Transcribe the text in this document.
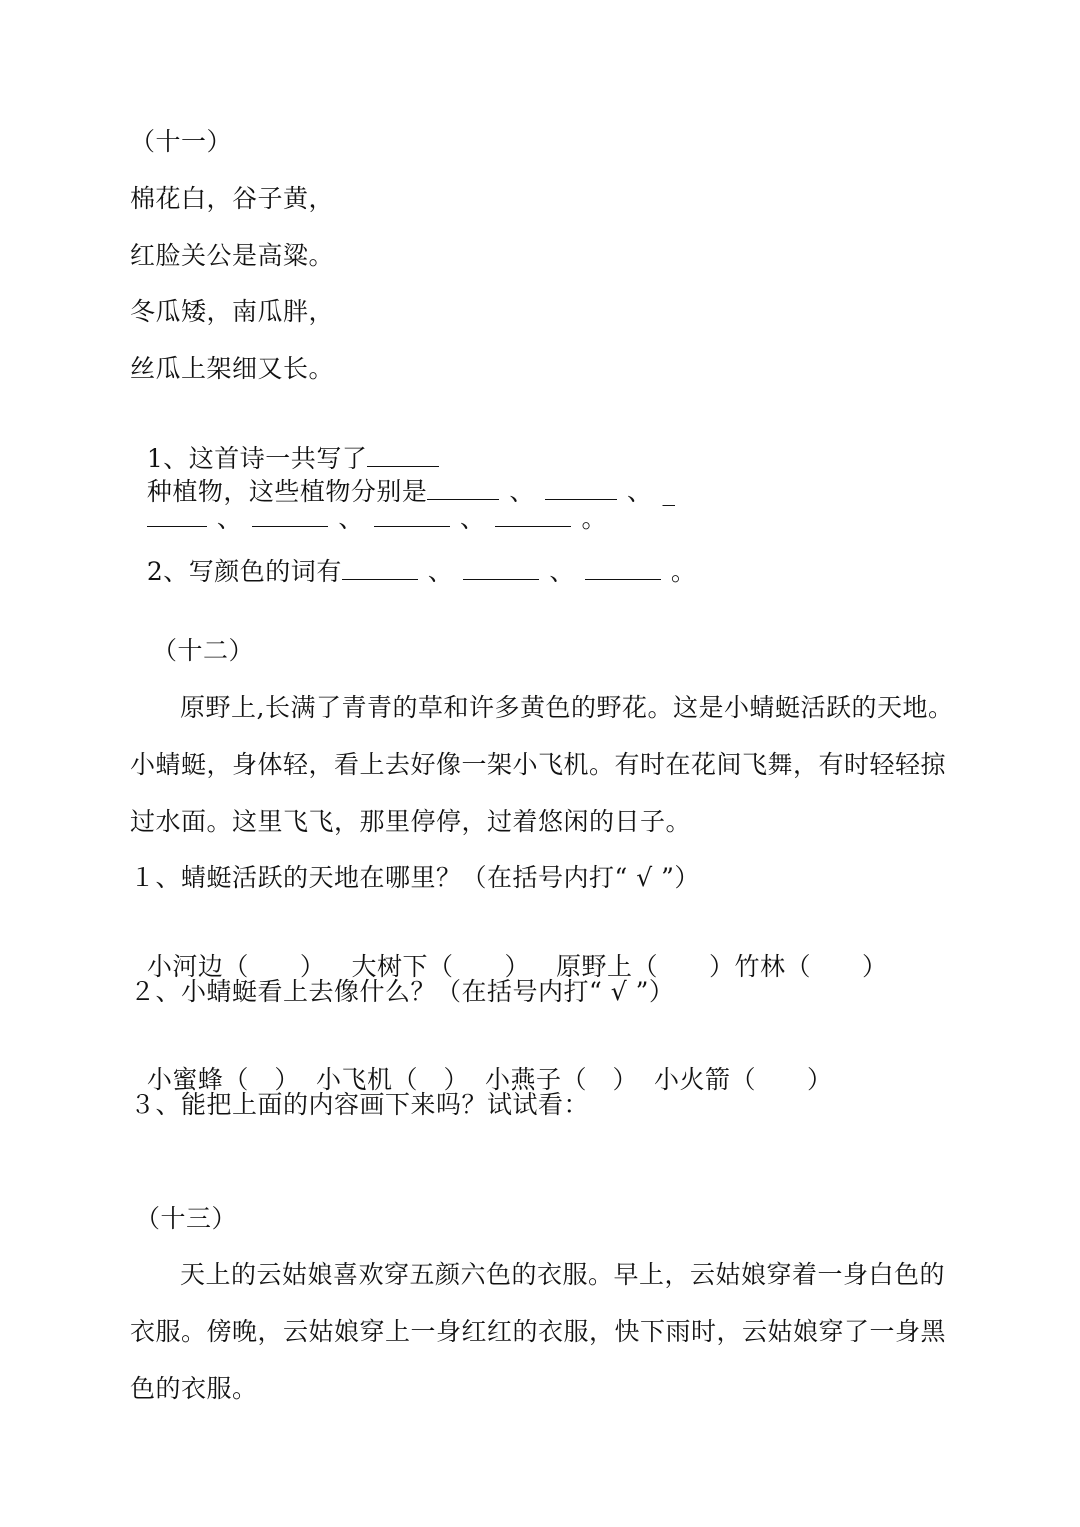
（十一）
棉花白，谷子黄，
红脸关公是高粱。
冬瓜矮，南瓜胖，
丝瓜上架细又长。

1、这首诗一共写了
种植物，这些植物分别是	、	、 _

、	、	、	。

2、写颜色的词有	、	、	。

（十二）
原野上,长满了青青的草和许多黄色的野花。这是小蜻蜓活跃的天地。
小蜻蜓，身体轻，看上去好像一架小飞机。有时在花间飞舞，有时轻轻掠
过水面。这里飞飞，那里停停，过着悠闲的日子。
１、蜻蜓活跃的天地在哪里？（在括号内打“ √ ”）

小河边（　　） 大树下（　　） 原野上（　　）竹林（　　）

２、小蜻蜓看上去像什么？（在括号内打“ √ ”）

小蜜蜂（　） 小飞机（　） 小燕子（　） 小火箭（　　）

３、能把上面的内容画下来吗？试试看：
（十三）
天上的云姑娘喜欢穿五颜六色的衣服。早上，云姑娘穿着一身白色的
衣服。傍晚，云姑娘穿上一身红红的衣服，快下雨时，云姑娘穿了一身黑
色的衣服。
